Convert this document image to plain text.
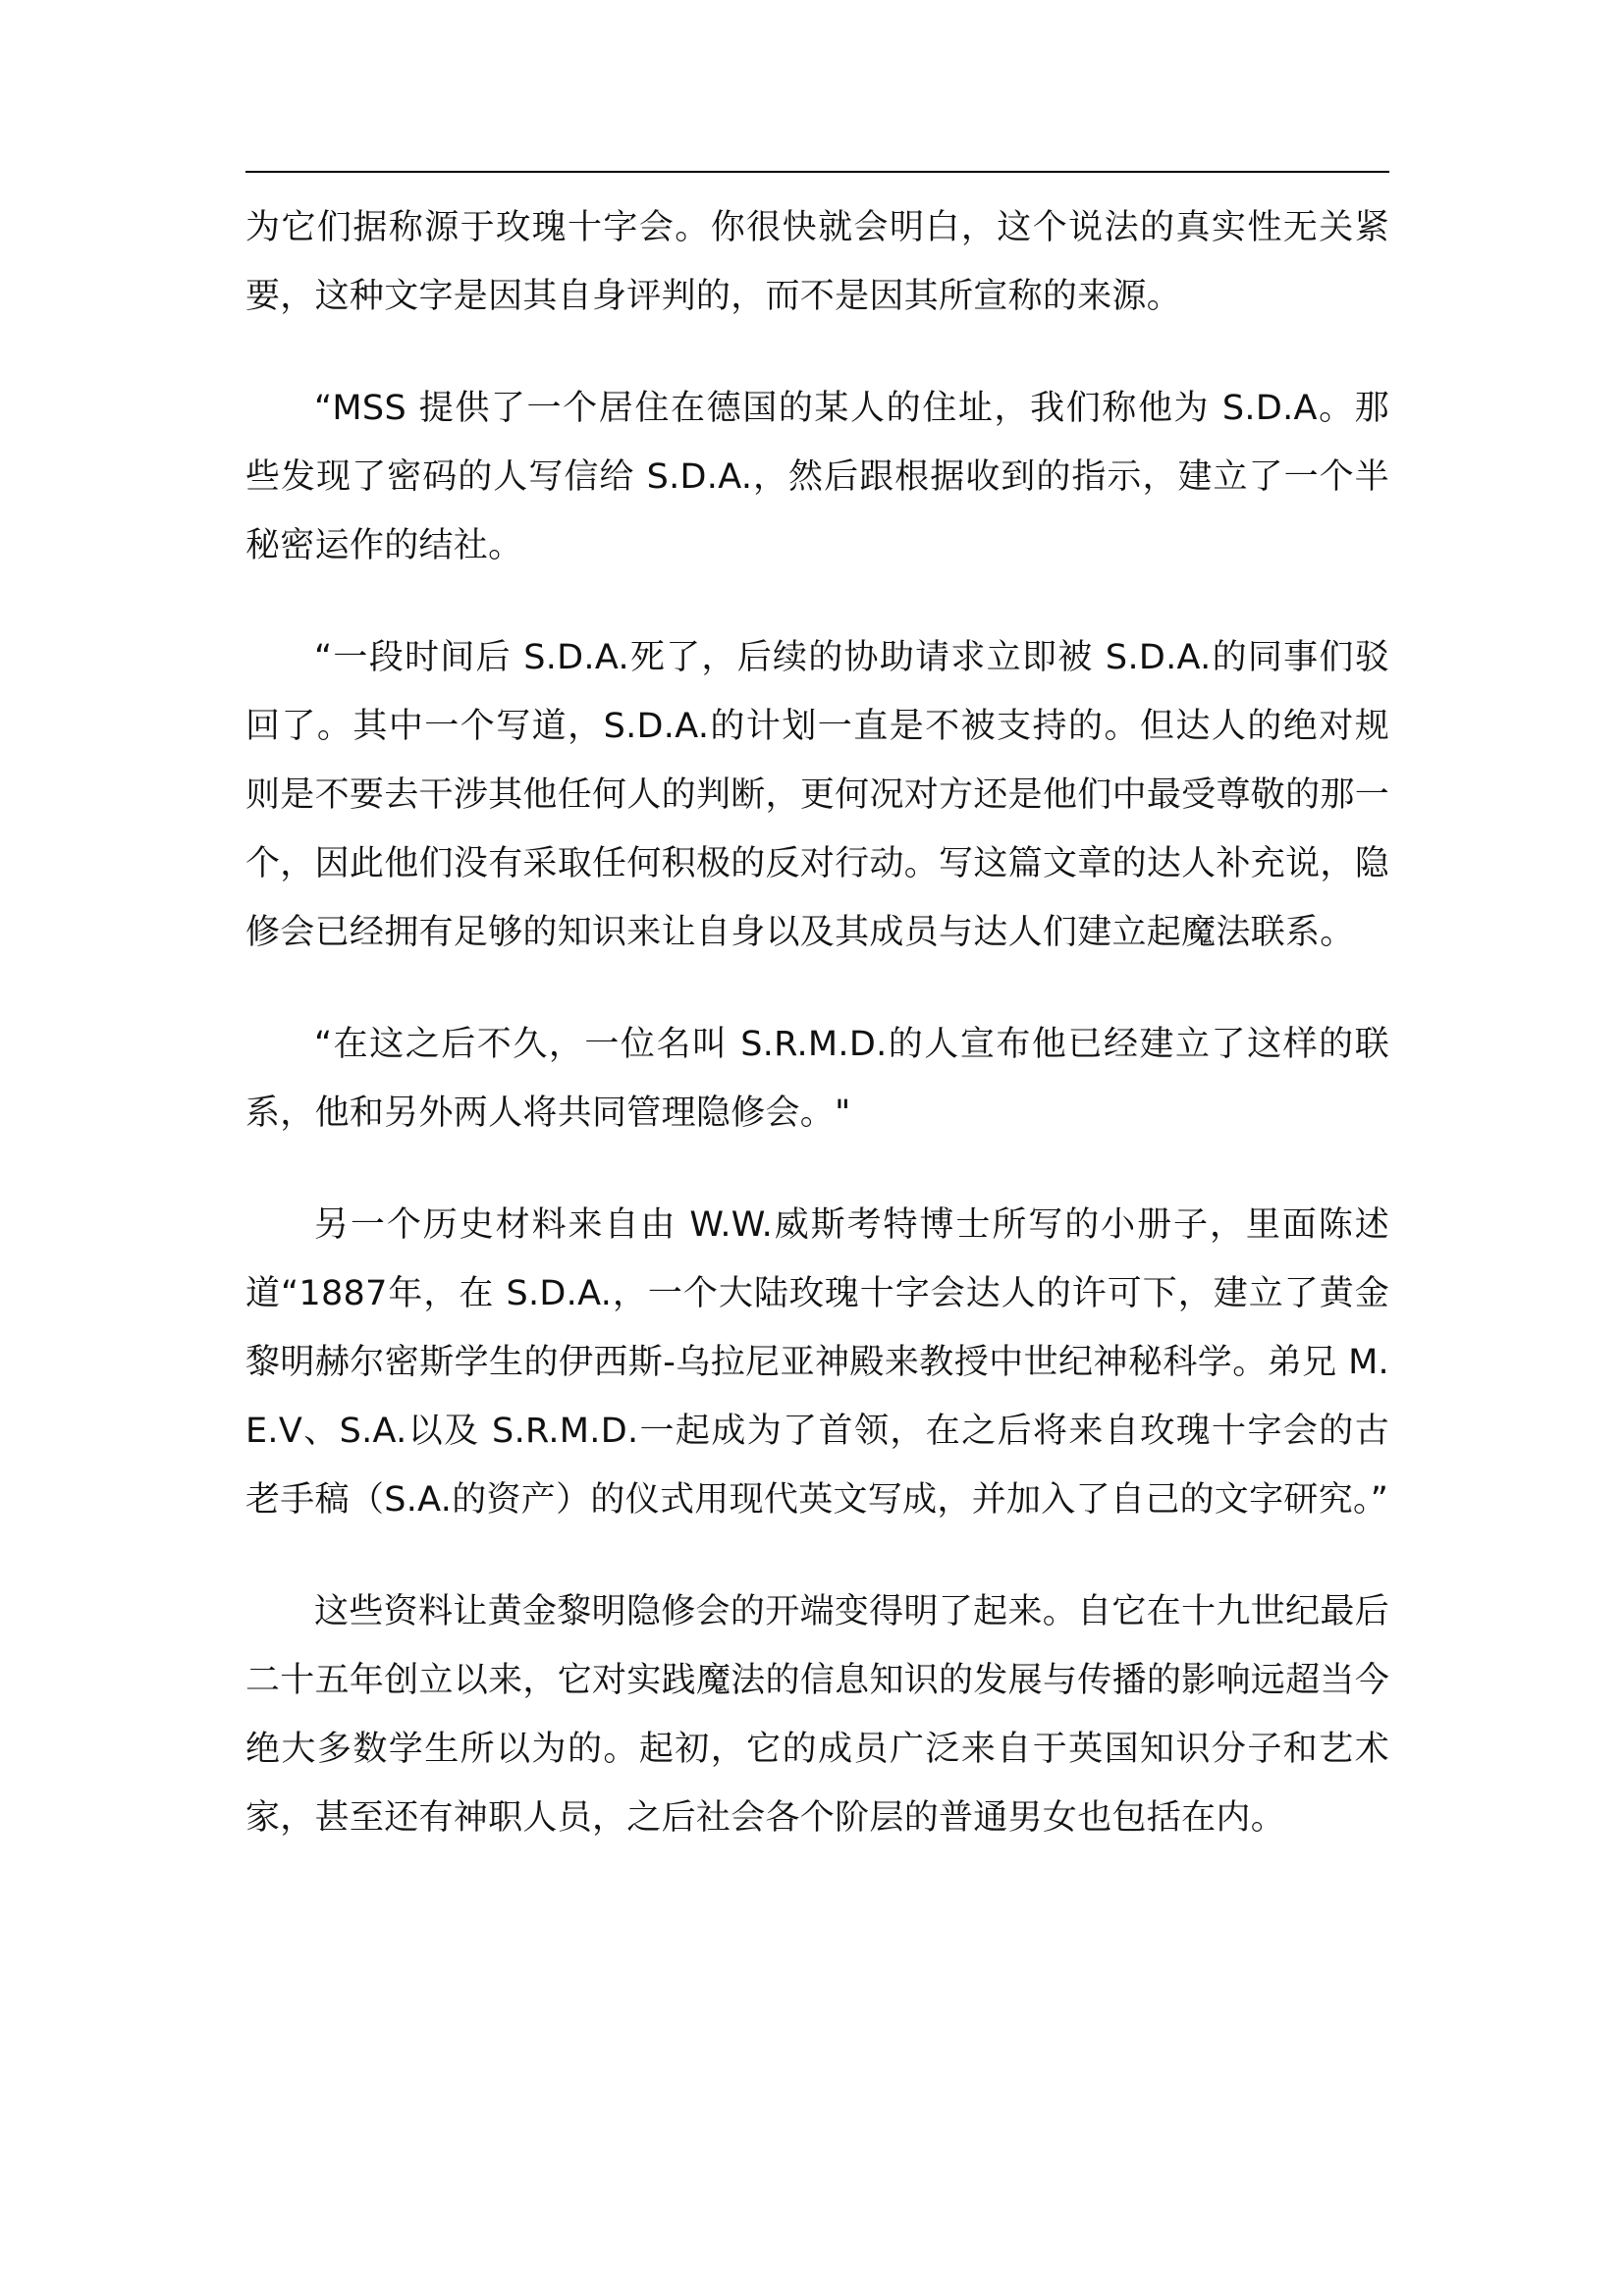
为它们据称源于玫瑰十字会。你很快就会明白，这个说法的真实性无关紧要，这种文字是因其自身评判的，而不是因其所宣称的来源。

“MSS 提供了一个居住在德国的某人的住址，我们称他为 S.D.A。那些发现了密码的人写信给 S.D.A.，然后跟根据收到的指示，建立了一个半秘密运作的结社。

“一段时间后 S.D.A.死了，后续的协助请求立即被 S.D.A.的同事们驳回了。其中一个写道，S.D.A.的计划一直是不被支持的。但达人的绝对规则是不要去干涉其他任何人的判断，更何况对方还是他们中最受尊敬的那一个，因此他们没有采取任何积极的反对行动。写这篇文章的达人补充说，隐修会已经拥有足够的知识来让自身以及其成员与达人们建立起魔法联系。

“在这之后不久，一位名叫 S.R.M.D.的人宣布他已经建立了这样的联系，他和另外两人将共同管理隐修会。"

另一个历史材料来自由 W.W.威斯考特博士所写的小册子，里面陈述道“1887年，在 S.D.A.，一个大陆玫瑰十字会达人的许可下，建立了黄金黎明赫尔密斯学生的伊西斯-乌拉尼亚神殿来教授中世纪神秘科学。弟兄 M.E.V、S.A.以及 S.R.M.D.一起成为了首领，在之后将来自玫瑰十字会的古老手稿（S.A.的资产）的仪式用现代英文写成，并加入了自己的文字研究。”

这些资料让黄金黎明隐修会的开端变得明了起来。自它在十九世纪最后二十五年创立以来，它对实践魔法的信息知识的发展与传播的影响远超当今绝大多数学生所以为的。起初，它的成员广泛来自于英国知识分子和艺术家，甚至还有神职人员，之后社会各个阶层的普通男女也包括在内。
